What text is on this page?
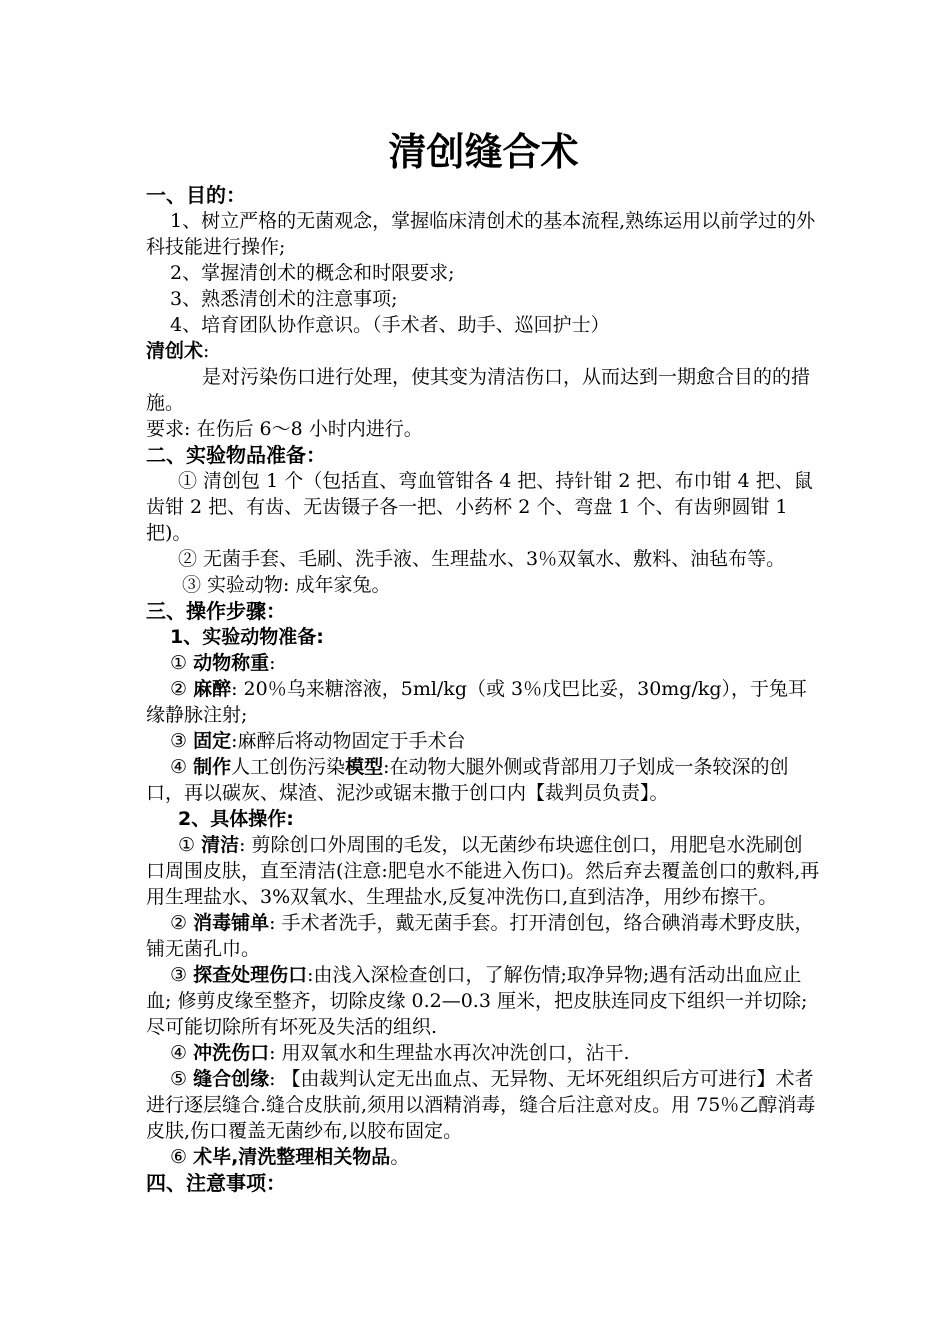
清创缝合术
一、目的：
1、树立严格的无菌观念，掌握临床清创术的基本流程,熟练运用以前学过的外科技能进行操作;
2、掌握清创术的概念和时限要求;
3、熟悉清创术的注意事项;
4、培育团队协作意识。（手术者、助手、巡回护士）
清创术:
是对污染伤口进行处理，使其变为清洁伤口，从而达到一期愈合目的的措施。
要求: 在伤后 6～8 小时内进行。
二、实验物品准备：
① 清创包 1 个（包括直、弯血管钳各 4 把、持针钳 2 把、布巾钳 4 把、鼠齿钳 2 把、有齿、无齿镊子各一把、小药杯 2 个、弯盘 1 个、有齿卵圆钳 1 把)。
② 无菌手套、毛刷、洗手液、生理盐水、3％双氧水、敷料、油毡布等。
③ 实验动物: 成年家兔。
三、操作步骤：
1、实验动物准备:
① 动物称重:
② 麻醉: 20％乌来糖溶液，5ml/kg（或 3％戊巴比妥，30mg/kg），于兔耳缘静脉注射;
③ 固定:麻醉后将动物固定于手术台
④ 制作人工创伤污染模型:在动物大腿外侧或背部用刀子划成一条较深的创口，再以碳灰、煤渣、泥沙或锯末撒于创口内【裁判员负责】。
2、具体操作:
① 清洁: 剪除创口外周围的毛发，以无菌纱布块遮住创口，用肥皂水洗刷创口周围皮肤，直至清洁(注意:肥皂水不能进入伤口)。然后弃去覆盖创口的敷料,再用生理盐水、3%双氧水、生理盐水,反复冲洗伤口,直到洁净，用纱布擦干。
② 消毒铺单: 手术者洗手，戴无菌手套。打开清创包，络合碘消毒术野皮肤，铺无菌孔巾。
③ 探查处理伤口:由浅入深检查创口，了解伤情;取净异物;遇有活动出血应止血; 修剪皮缘至整齐，切除皮缘 0.2—0.3 厘米，把皮肤连同皮下组织一并切除;尽可能切除所有坏死及失活的组织.
④ 冲洗伤口: 用双氧水和生理盐水再次冲洗创口，沾干.
⑤ 缝合创缘: 【由裁判认定无出血点、无异物、无坏死组织后方可进行】术者进行逐层缝合.缝合皮肤前,须用以酒精消毒，缝合后注意对皮。用 75％乙醇消毒皮肤,伤口覆盖无菌纱布,以胶布固定。
⑥ 术毕,清洗整理相关物品。
四、注意事项：
